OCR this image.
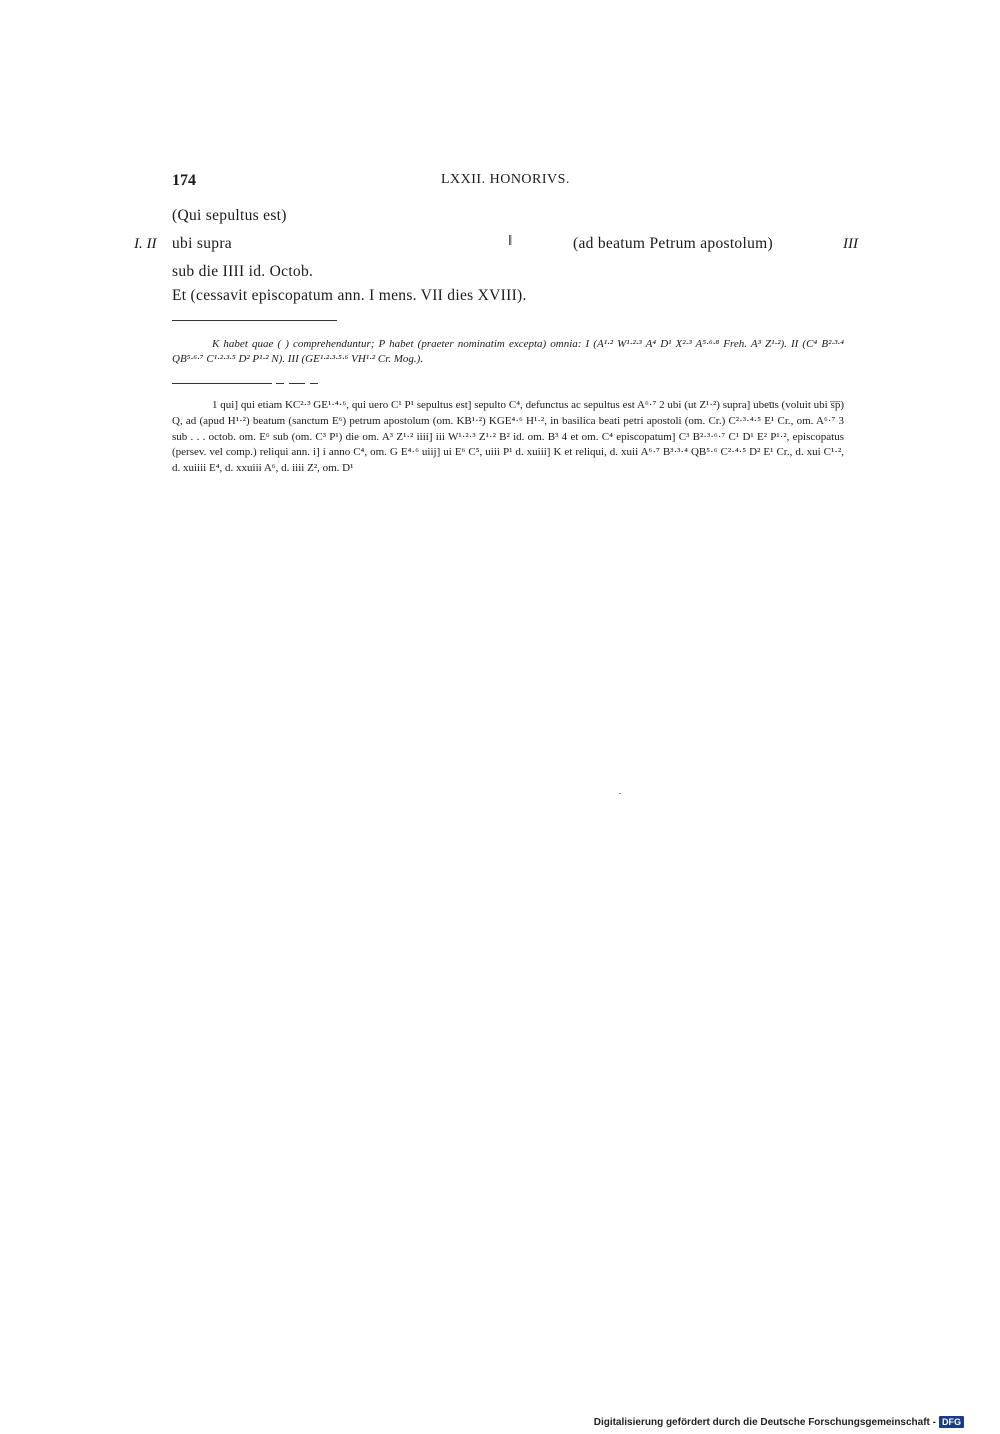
174	LXXII. HONORIVS.
(Qui sepultus est)
I. II ubi supra	‖	(ad beatum Petrum apostolum)	III
sub die IIII id. Octob.
Et (cessavit episcopatum ann. I mens. VII dies XVIII).
K habet quae ( ) comprehenduntur; P habet (praeter nominatim excepta) omnia: I (A¹·² W¹·²·³ A⁴ D¹ X²·³ A⁵·⁶·⁸ Freh. A³ Z¹·²). II (C⁴ B²·³·⁴ QB⁵·⁶·⁷ C¹·²·³·⁵ D² P¹·² N). III (GE¹·²·³·⁵·⁶ VH¹·² Cr. Mog.).
1 qui] qui etiam KC²·³ GE¹·⁴·⁶, qui uero C¹ P¹ sepultus est] sepulto C⁴, defunctus ac sepultus est A⁶·⁷ 2 ubi (ut Z¹·²) supra] ubeu̅s (voluit ubi s̅p̅) Q, ad (apud H¹·²) beatum (sanctum E⁶) petrum apostolum (om. KB¹·²) KGE⁴·⁶ H¹·², in basilica beati petri apostoli (om. Cr.) C²·³·⁴·⁵ E¹ Cr., om. A⁶·⁷ 3 sub . . . octob. om. E⁶ sub (om. C³ P¹) die om. A³ Z¹·² iiii] iii W¹·²·³ Z¹·² B² id. om. B³ 4 et om. C⁴ episcopatum] C³ B²·³·⁶·⁷ C¹ D¹ E² P¹·², episcopatus (persev. vel comp.) reliqui ann. i] i anno C⁴, om. G E⁴·⁶ uiij] ui E⁶ C⁵, uiii P¹ d. xuiii] K et reliqui, d. xuii A⁶·⁷ B³·³·⁴ QB⁵·⁶ C²·⁴·⁵ D² E¹ Cr., d. xui C¹·², d. xuiiii E⁴, d. xxuiii A⁶, d. iiii Z², om. D¹
Digitalisierung gefördert durch die Deutsche Forschungsgemeinschaft - DFG
